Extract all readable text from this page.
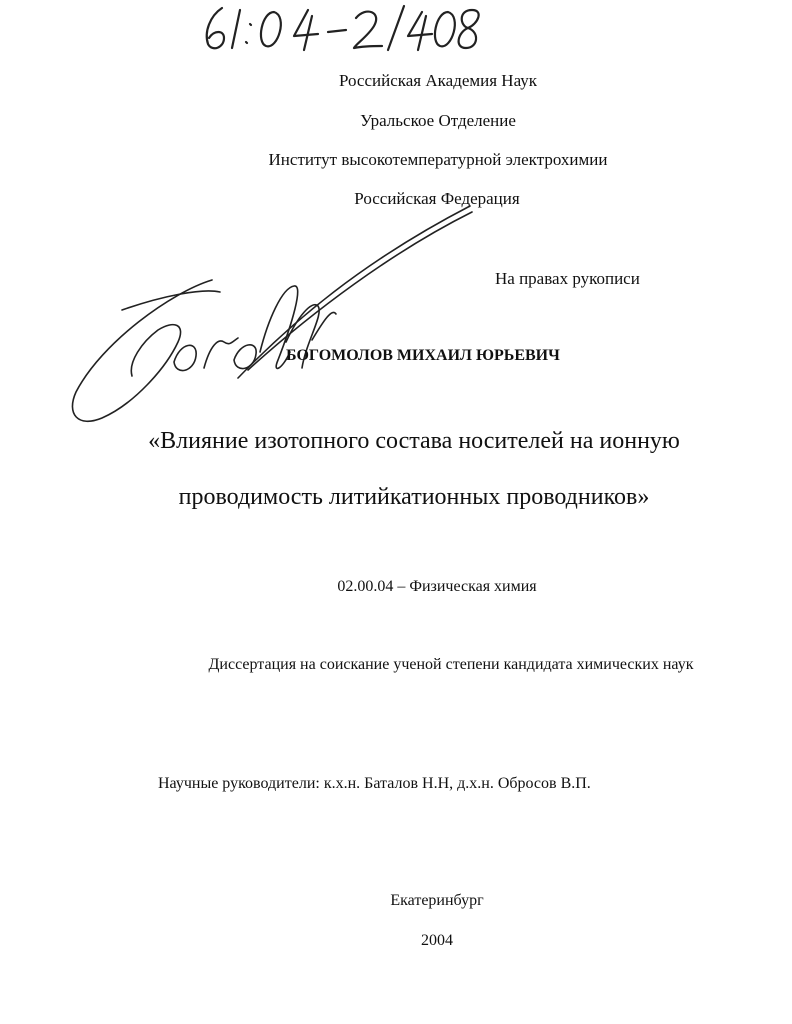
Российская Академия Наук
Уральское Отделение
Институт высокотемпературной электрохимии
Российская Федерация
На правах рукописи
БОГОМОЛОВ МИХАИЛ ЮРЬЕВИЧ
«Влияние изотопного состава носителей на ионную
проводимость литийкатионных проводников»
02.00.04 – Физическая химия
Диссертация на соискание ученой степени кандидата химических наук
Научные руководители: к.х.н. Баталов Н.Н, д.х.н. Обросов В.П.
Екатеринбург
2004
